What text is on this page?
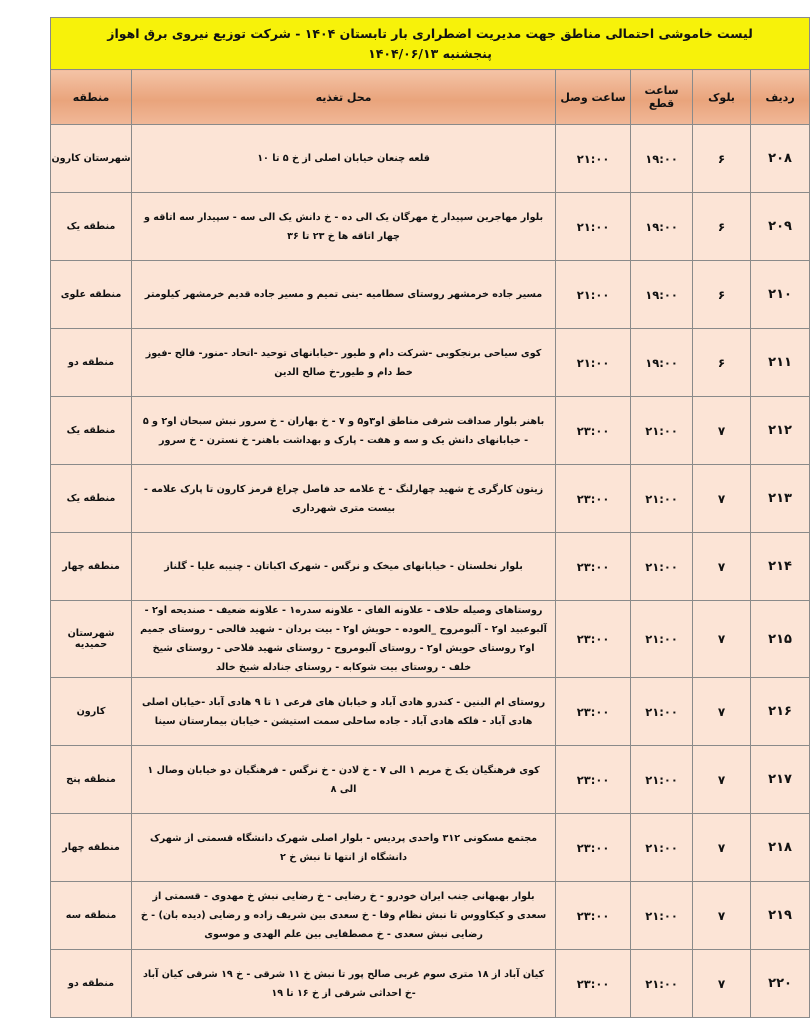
لیست خاموشی احتمالی مناطق جهت مدیریت اضطراری بار تابستان ۱۴۰۴ - شرکت توزیع نیروی برق اهواز
پنجشنبه ۱۴۰۴/۰۶/۱۳					

ردیف	بلوک	ساعت قطع	ساعت وصل	محل تغذیه	منطقه
۲۰۸	۶	۱۹:۰۰	۲۱:۰۰	قلعه چنعان خیابان اصلی از خ ۵ تا ۱۰	شهرستان کارون
۲۰۹	۶	۱۹:۰۰	۲۱:۰۰	بلوار مهاجرین سپیدار خ مهرگان یک الی ده - خ دانش یک الی سه - سپیدار سه اتاقه و چهار اتاقه ها خ ۲۳ تا ۳۶	منطقه یک
۲۱۰	۶	۱۹:۰۰	۲۱:۰۰	مسیر جاده خرمشهر روستای سطامیه -بنی تمیم و مسیر جاده قدیم خرمشهر کیلومتر	منطقه علوی
۲۱۱	۶	۱۹:۰۰	۲۱:۰۰	کوی سیاحی برنجکوبی -شرکت دام و طیور -خیابانهای توحید -اتحاد -منور- فالح -فیوز خط دام و طیور-خ صالح الدین	منطقه دو
۲۱۲	۷	۲۱:۰۰	۲۳:۰۰	باهنر بلوار صداقت شرقی مناطق او۳و۵ و ۷ - خ بهاران - خ سرور نبش سبحان او۲ و ۵ - خیابانهای دانش یک و سه و هفت - پارک و بهداشت باهنر- خ نسترن - خ سرور	منطقه یک
۲۱۳	۷	۲۱:۰۰	۲۳:۰۰	زیتون کارگری خ شهید چهارلنگ - خ علامه حد فاصل چراغ قرمز کارون تا پارک علامه - بیست متری شهرداری	منطقه یک
۲۱۴	۷	۲۱:۰۰	۲۳:۰۰	بلوار نخلستان - خیابانهای میخک و نرگس - شهرک اکباتان - چنیبه علیا - گلناز	منطقه چهار
۲۱۵	۷	۲۱:۰۰	۲۳:۰۰	روستاهای وصیله حلاف - علاونه الفای - علاونه سدره۱ - علاونه ضعیف - صندیحه او۲ - آلبوعبید او۲ - آلبومروح _العوده - حویش او۲ - بیت بردان - شهید فالحی - روستای جمیم او۲ روستای حویش او۲ - روستای آلبومروح - روستای شهید فلاحی - روستای شیخ خلف - روستای بیت شوکابه - روستای جنادله شیخ خالد	شهرستان حمیدیه
۲۱۶	۷	۲۱:۰۰	۲۳:۰۰	روستای ام البنین - کندرو هادی آباد و خیابان های فرعی ۱ تا ۹ هادی آباد -خیابان اصلی هادی آباد - فلکه هادی آباد - جاده ساحلی سمت استیشن - خیابان بیمارستان سینا	کارون
۲۱۷	۷	۲۱:۰۰	۲۳:۰۰	کوی فرهنگیان یک خ مریم ۱ الی ۷ - خ لادن - خ نرگس - فرهنگیان دو خیابان وصال ۱ الی ۸	منطقه پنج
۲۱۸	۷	۲۱:۰۰	۲۳:۰۰	مجتمع مسکونی ۳۱۲ واحدی پردیس - بلوار اصلی شهرک دانشگاه قسمتی از شهرک دانشگاه از انتها تا نبش خ ۲	منطقه چهار
۲۱۹	۷	۲۱:۰۰	۲۳:۰۰	بلوار بهبهانی جنب ایران خودرو - خ رضایی - خ رضایی نبش خ مهدوی - قسمتی از سعدی و کیکاووس تا نبش نظام وفا - خ سعدی بین شریف زاده و رضایی (دیده بان) - خ رضایی نبش سعدی - خ مصطفایی بین علم الهدی و موسوی	منطقه سه
۲۲۰	۷	۲۱:۰۰	۲۳:۰۰	کیان آباد از ۱۸ متری سوم غربی صالح پور تا نبش خ ۱۱ شرقی - خ ۱۹ شرقی کیان آباد -خ احداثی شرقی از خ ۱۶ تا ۱۹	منطقه دو
